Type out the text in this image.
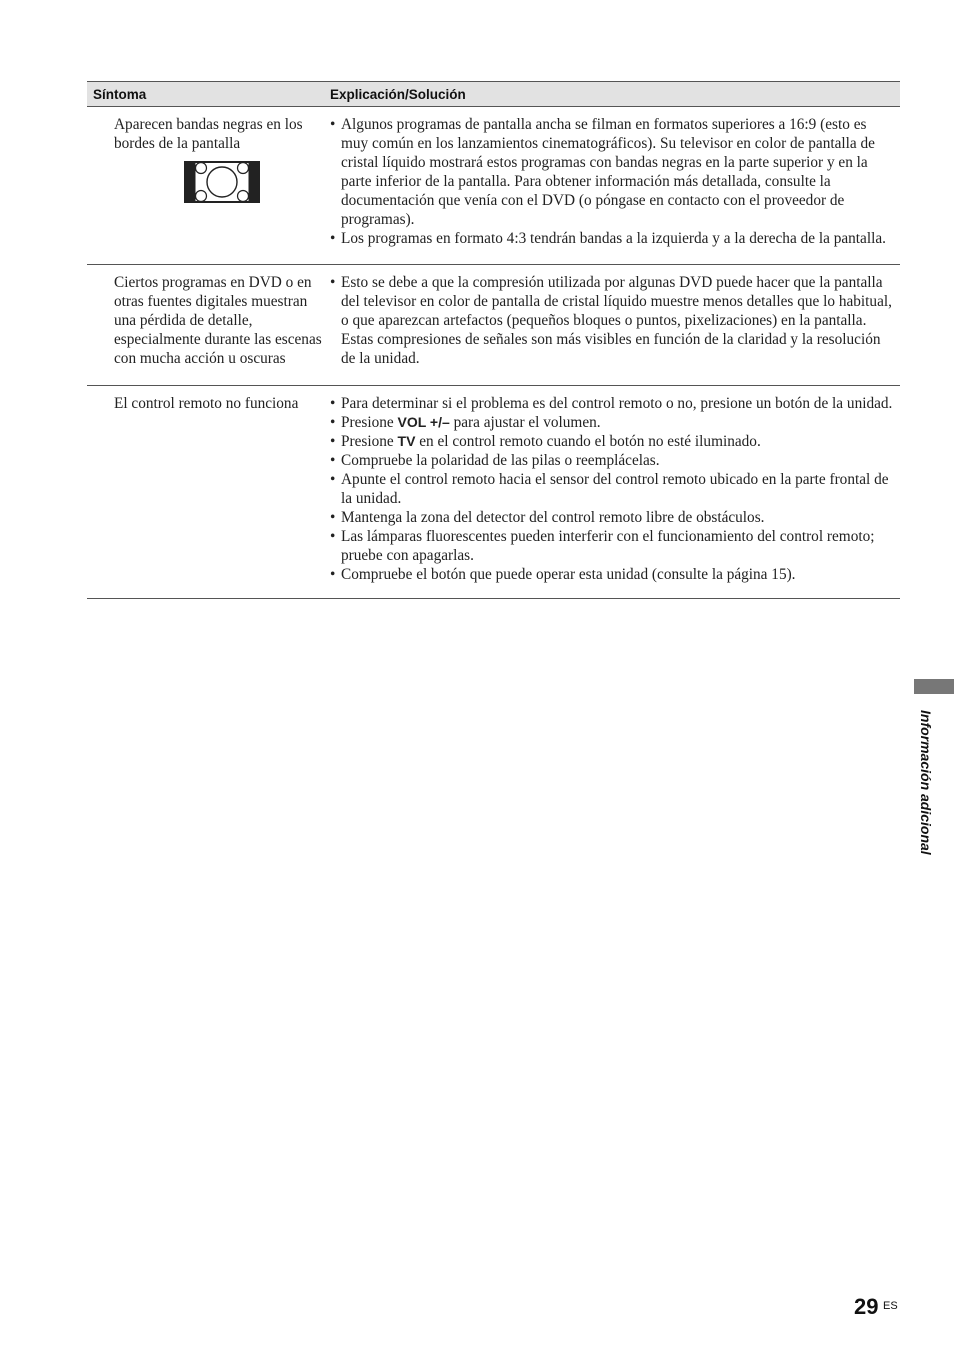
Síntoma	Explicación/Solución
Aparecen bandas negras en los bordes de la pantalla
• Algunos programas de pantalla ancha se filman en formatos superiores a 16:9 (esto es muy común en los lanzamientos cinematográficos). Su televisor en color de pantalla de cristal líquido mostrará estos programas con bandas negras en la parte superior y en la parte inferior de la pantalla. Para obtener información más detallada, consulte la documentación que venía con el DVD (o póngase en contacto con el proveedor de programas).
• Los programas en formato 4:3 tendrán bandas a la izquierda y a la derecha de la pantalla.
Ciertos programas en DVD o en otras fuentes digitales muestran una pérdida de detalle, especialmente durante las escenas con mucha acción u oscuras
• Esto se debe a que la compresión utilizada por algunas DVD puede hacer que la pantalla del televisor en color de pantalla de cristal líquido muestre menos detalles que lo habitual, o que aparezcan artefactos (pequeños bloques o puntos, pixelizaciones) en la pantalla. Estas compresiones de señales son más visibles en función de la claridad y la resolución de la unidad.
El control remoto no funciona
•	Para determinar si el problema es del control remoto o no, presione un botón de la unidad.
• Presione VOL +/– para ajustar el volumen.
• Presione TV en el control remoto cuando el botón no esté iluminado.
• Compruebe la polaridad de las pilas o reemplácelas.
• Apunte el control remoto hacia el sensor del control remoto ubicado en la parte frontal de la unidad.
• Mantenga la zona del detector del control remoto libre de obstáculos.
• Las lámparas fluorescentes pueden interferir con el funcionamiento del control remoto; pruebe con apagarlas.
• Compruebe el botón que puede operar esta unidad (consulte la página 15).
Información adicional
29 ES
